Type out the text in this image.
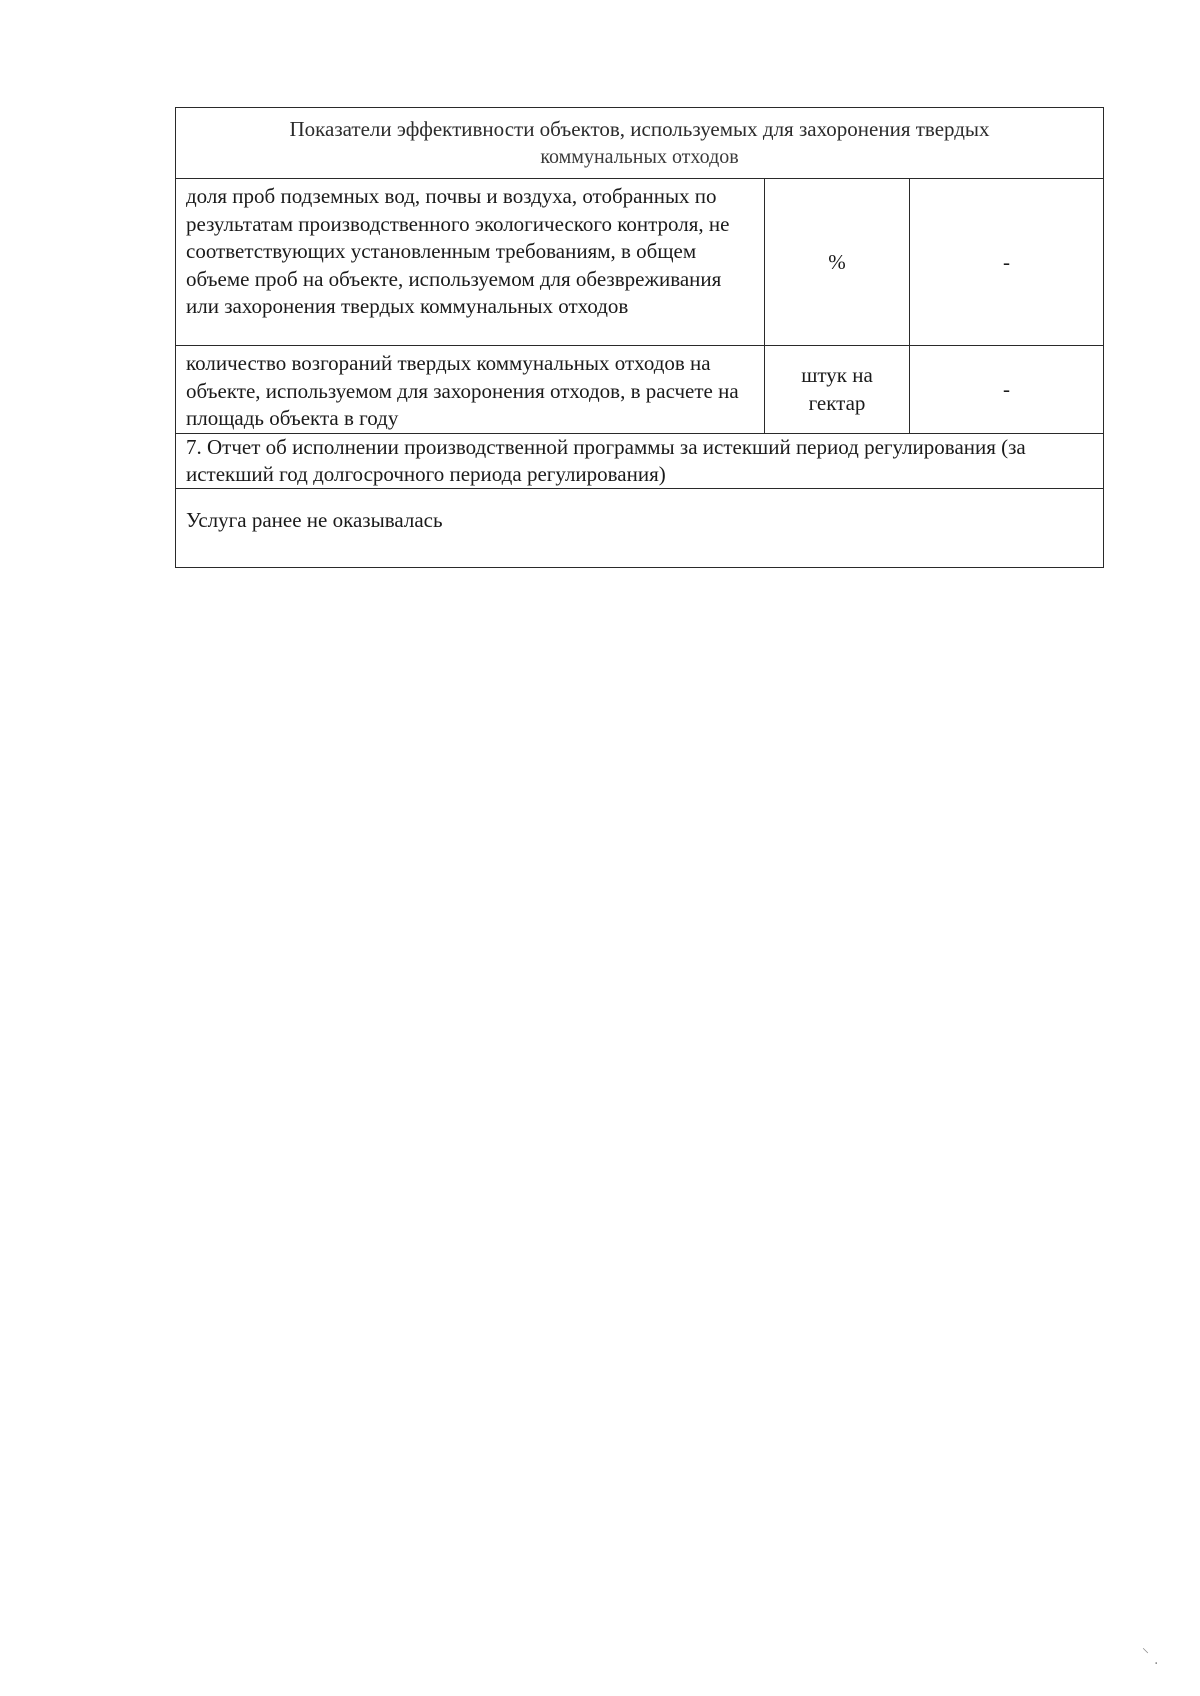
Показатели эффективности объектов, используемых для захоронения твердых
коммунальных отходов		

доля проб подземных вод, почвы и воздуха, отобранных по результатам производственного экологического контроля, не соответствующих установленным требованиям, в общем объеме проб на объекте, используемом для обезвреживания или захоронения твердых коммунальных отходов	%	-
количество возгораний твердых коммунальных отходов на объекте, используемом для захоронения отходов, в расчете на площадь объекта в году	штук на
гектар	-
7. Отчет об исполнении производственной программы за истекший период регулирования (за истекший год долгосрочного периода регулирования)		
Услуга ранее не оказывалась		
⸌
·
